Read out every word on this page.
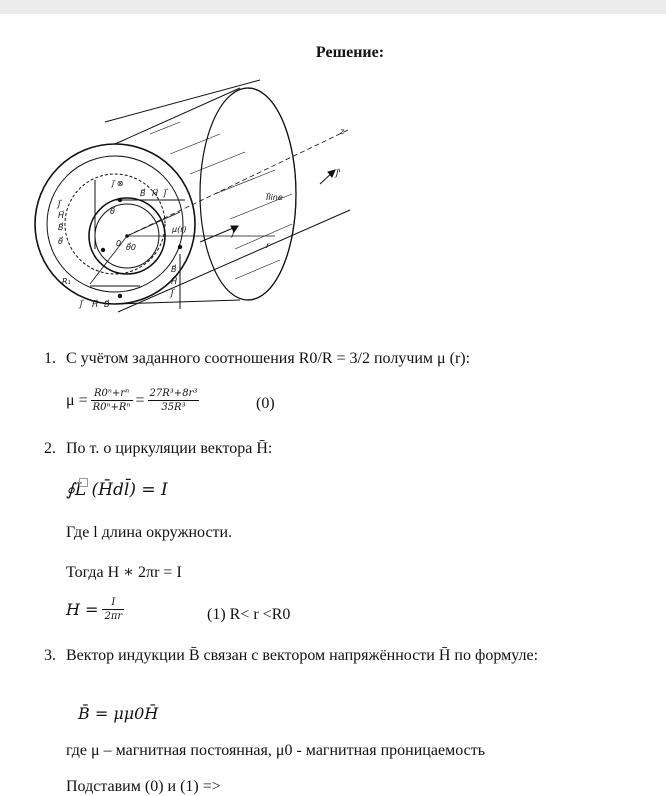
Решение:
j⃗ ⊗
J⃗
H⃗
B⃗
θ⃗
B⃗ H⃗ J⃗
μ(r)
θ⃗
θ⃗0
0	r
B⃗
H⃗
J⃗
J⃗ H⃗ B⃗
R₁
J⃗
I⃗line
J⃗'
z
1. С учётом заданного соотношения R0/R = 3/2 получим μ (r):
$\mu = \frac{\text{R0ⁿ+rⁿ}}{\text{R0ⁿ+Rⁿ}} = \frac{\text{27R³+8r³}}{\text{35R³}}$	(0)
2. По т. о циркуляции вектора H̄:
∮L (H̄dl̄) = I
Где l длина окружности.
Тогда H ∗ 2πr = I
$H = \frac{I}{2\pi r}$	(1) R< r <R0
3. Вектор индукции B̄ связан с вектором напряжённости H̄ по формуле:
B̄ = μμ0H̄
где μ – магнитная постоянная, μ0 - магнитная проницаемость
Подставим (0) и (1) =>
